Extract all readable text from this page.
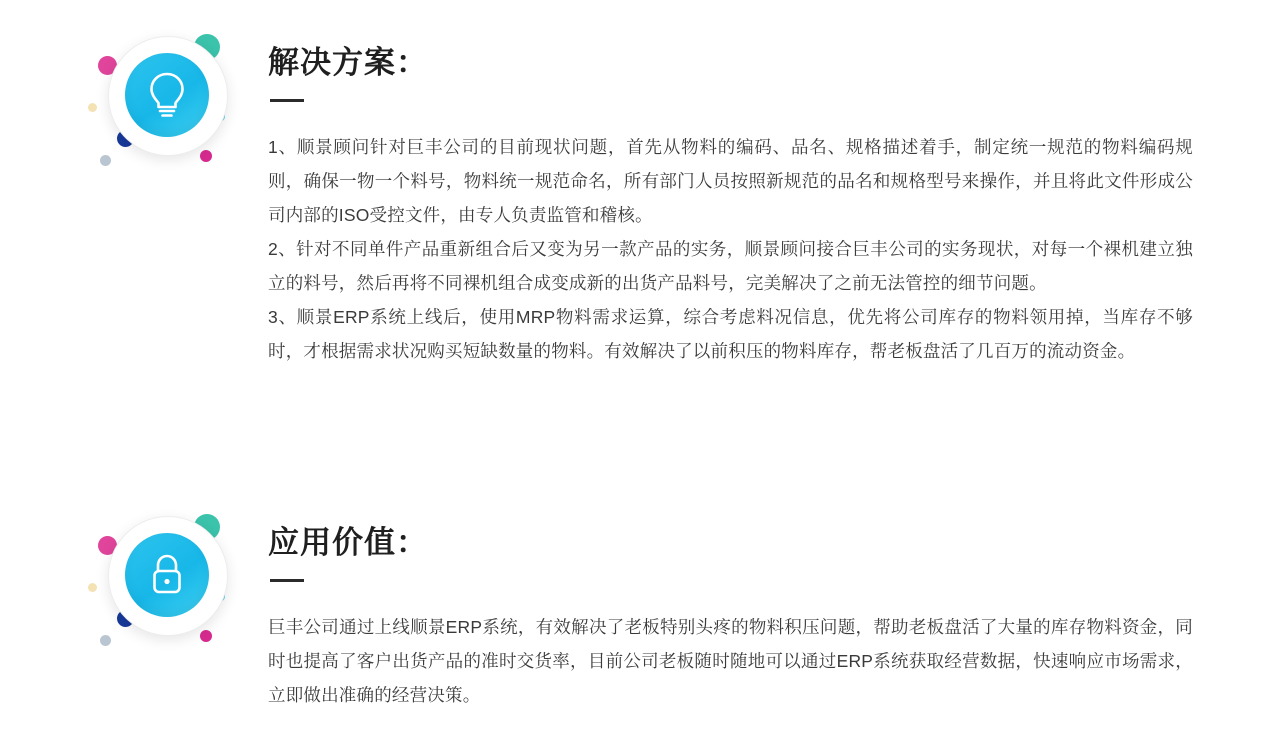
解决方案：

1、顺景顾问针对巨丰公司的目前现状问题，首先从物料的编码、品名、规格描述着手，制定统一规范的物料编码规则，确保一物一个料号，物料统一规范命名，所有部门人员按照新规范的品名和规格型号来操作，并且将此文件形成公司内部的ISO受控文件，由专人负责监管和稽核。

2、针对不同单件产品重新组合后又变为另一款产品的实务，顺景顾问接合巨丰公司的实务现状，对每一个裸机建立独立的料号，然后再将不同裸机组合成变成新的出货产品料号，完美解决了之前无法管控的细节问题。

3、顺景ERP系统上线后，使用MRP物料需求运算，综合考虑料况信息，优先将公司库存的物料领用掉，当库存不够时，才根据需求状况购买短缺数量的物料。有效解决了以前积压的物料库存，帮老板盘活了几百万的流动资金。

应用价值：

巨丰公司通过上线顺景ERP系统，有效解决了老板特别头疼的物料积压问题，帮助老板盘活了大量的库存物料资金，同时也提高了客户出货产品的准时交货率，目前公司老板随时随地可以通过ERP系统获取经营数据，快速响应市场需求，立即做出准确的经营决策。
